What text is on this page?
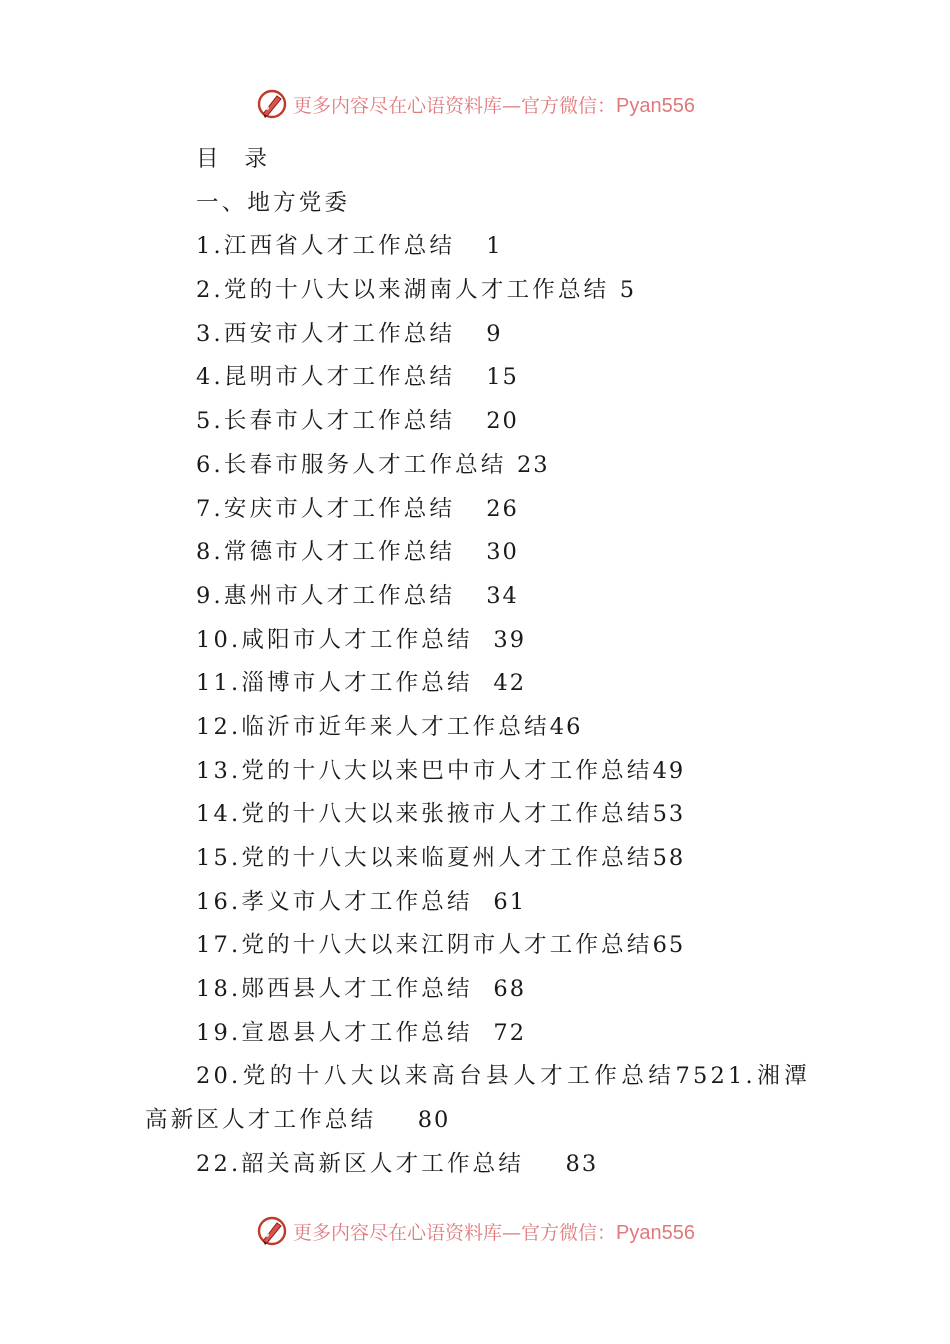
更多内容尽在心语资料库—官方微信：Pyan556
目 录
一、地方党委
1.江西省人才工作总结 1
2.党的十八大以来湖南人才工作总结 5
3.西安市人才工作总结 9
4.昆明市人才工作总结 15
5.长春市人才工作总结 20
6.长春市服务人才工作总结 23
7.安庆市人才工作总结 26
8.常德市人才工作总结 30
9.惠州市人才工作总结 34
10.咸阳市人才工作总结 39
11.淄博市人才工作总结 42
12.临沂市近年来人才工作总结46
13.党的十八大以来巴中市人才工作总结49
14.党的十八大以来张掖市人才工作总结53
15.党的十八大以来临夏州人才工作总结58
16.孝义市人才工作总结 61
17.党的十八大以来江阴市人才工作总结65
18.郧西县人才工作总结 68
19.宣恩县人才工作总结 72
20.党的十八大以来高台县人才工作总结7521.湘潭高新区人才工作总结 80
22.韶关高新区人才工作总结 83
更多内容尽在心语资料库—官方微信：Pyan556
